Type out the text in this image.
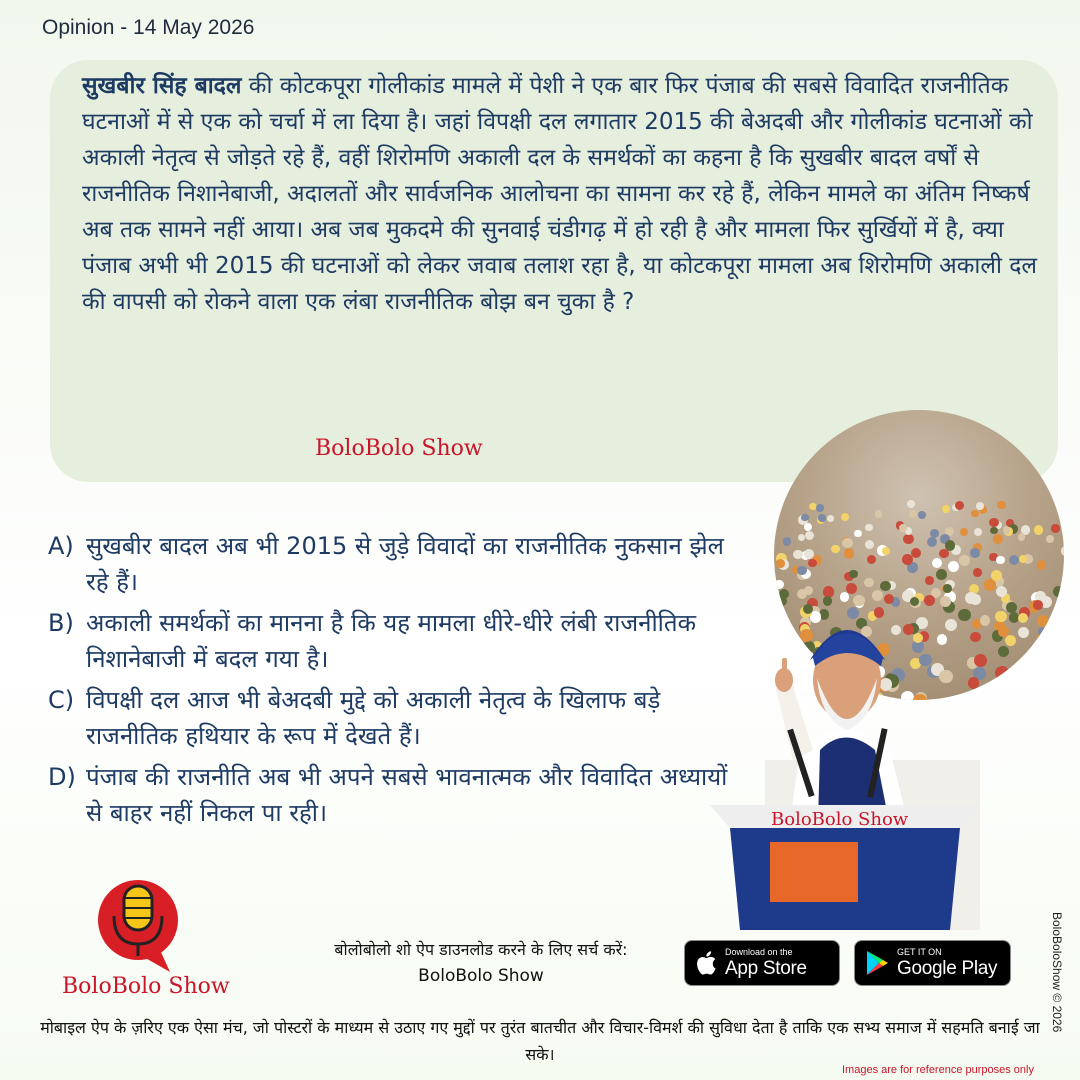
Opinion - 14 May 2026

सुखबीर सिंह बादल की कोटकपूरा गोलीकांड मामले में पेशी ने एक बार फिर पंजाब की सबसे विवादित राजनीतिक घटनाओं में से एक को चर्चा में ला दिया है। जहां विपक्षी दल लगातार 2015 की बेअदबी और गोलीकांड घटनाओं को अकाली नेतृत्व से जोड़ते रहे हैं, वहीं शिरोमणि अकाली दल के समर्थकों का कहना है कि सुखबीर बादल वर्षों से राजनीतिक निशानेबाजी, अदालतों और सार्वजनिक आलोचना का सामना कर रहे हैं, लेकिन मामले का अंतिम निष्कर्ष अब तक सामने नहीं आया। अब जब मुकदमे की सुनवाई चंडीगढ़ में हो रही है और मामला फिर सुर्खियों में है, क्या पंजाब अभी भी 2015 की घटनाओं को लेकर जवाब तलाश रहा है, या कोटकपूरा मामला अब शिरोमणि अकाली दल की वापसी को रोकने वाला एक लंबा राजनीतिक बोझ बन चुका है ?

BoloBolo Show
A) सुखबीर बादल अब भी 2015 से जुड़े विवादों का राजनीतिक नुकसान झेल रहे हैं।
B) अकाली समर्थकों का मानना है कि यह मामला धीरे-धीरे लंबी राजनीतिक निशानेबाजी में बदल गया है।
C) विपक्षी दल आज भी बेअदबी मुद्दे को अकाली नेतृत्व के खिलाफ बड़े राजनीतिक हथियार के रूप में देखते हैं।
D) पंजाब की राजनीति अब भी अपने सबसे भावनात्मक और विवादित अध्यायों से बाहर नहीं निकल पा रही।	BoloBolo Show
BoloBolo Show
बोलोबोलो शो ऐप डाउनलोड करने के लिए सर्च करें:
BoloBolo Show
Download on the
App Store
GET IT ON
Google Play
मोबाइल ऐप के ज़रिए एक ऐसा मंच, जो पोस्टरों के माध्यम से उठाए गए मुद्दों पर तुरंत बातचीत और विचार-विमर्श की सुविधा देता है ताकि एक सभ्य समाज में सहमति बनाई जा सके।
Images are for reference purposes only
BoloBoloShow © 2026
